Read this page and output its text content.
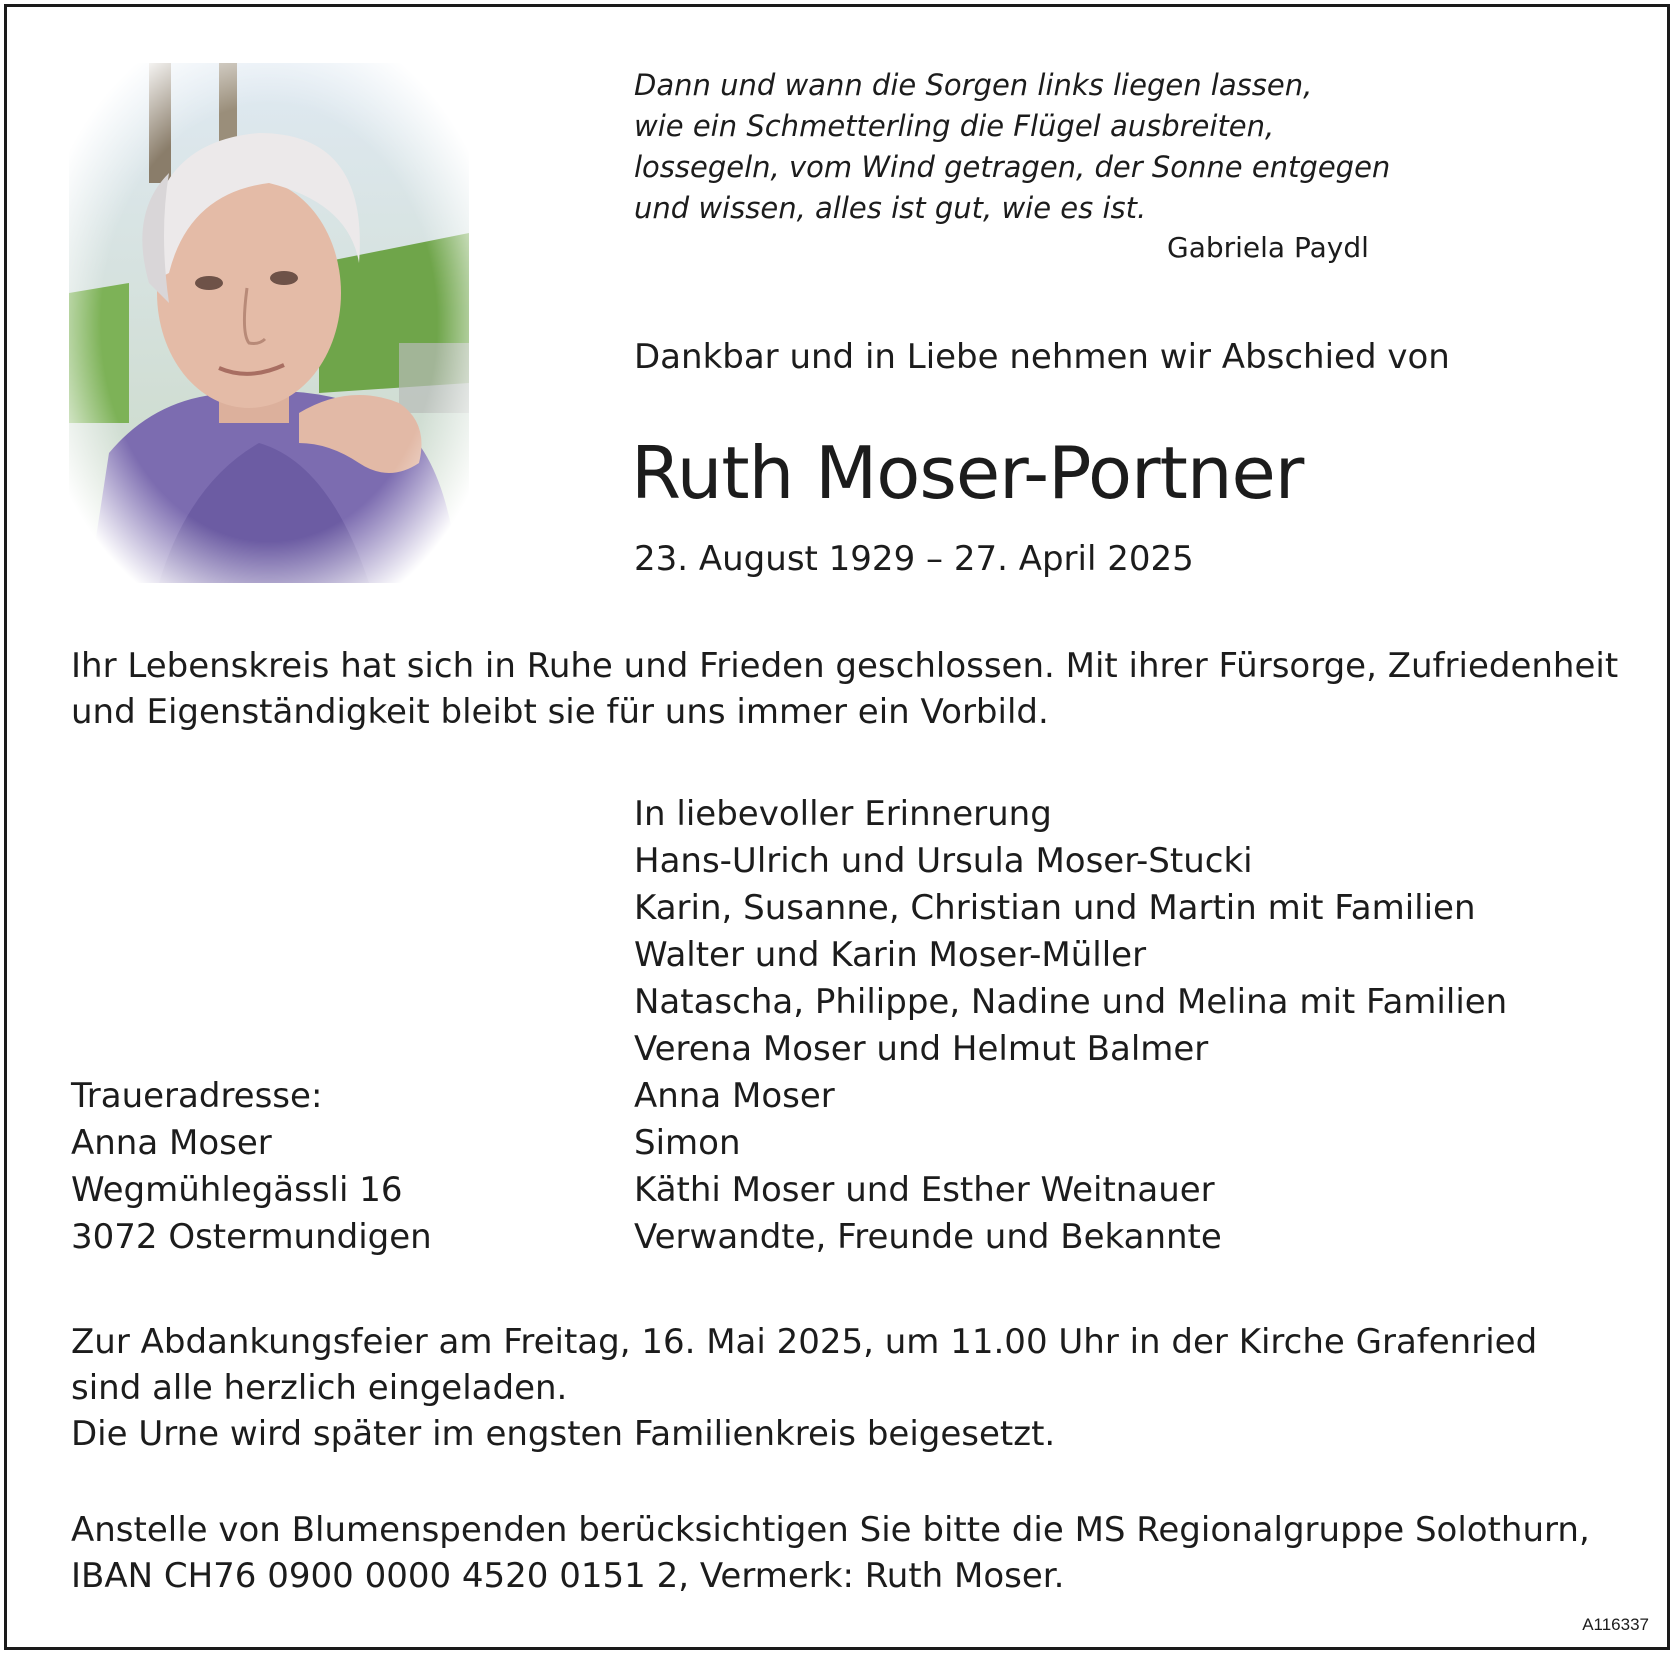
Dann und wann die Sorgen links liegen lassen,
wie ein Schmetterling die Flügel ausbreiten,
lossegeln, vom Wind getragen, der Sonne entgegen
und wissen, alles ist gut, wie es ist.
Gabriela Paydl
Dankbar und in Liebe nehmen wir Abschied von
Ruth Moser-Portner
23. August 1929 – 27. April 2025
Ihr Lebenskreis hat sich in Ruhe und Frieden geschlossen. Mit ihrer Fürsorge, Zufriedenheit
und Eigenständigkeit bleibt sie für uns immer ein Vorbild.
In liebevoller Erinnerung
Hans-Ulrich und Ursula Moser-Stucki
Karin, Susanne, Christian und Martin mit Familien
Walter und Karin Moser-Müller
Natascha, Philippe, Nadine und Melina mit Familien
Verena Moser und Helmut Balmer
Anna Moser
Simon
Käthi Moser und Esther Weitnauer
Verwandte, Freunde und Bekannte
Traueradresse:
Anna Moser
Wegmühlegässli 16
3072 Ostermundigen
Zur Abdankungsfeier am Freitag, 16. Mai 2025, um 11.00 Uhr in der Kirche Grafenried
sind alle herzlich eingeladen.
Die Urne wird später im engsten Familienkreis beigesetzt.
Anstelle von Blumenspenden berücksichtigen Sie bitte die MS Regionalgruppe Solothurn,
IBAN CH76 0900 0000 4520 0151 2, Vermerk: Ruth Moser.
A116337
